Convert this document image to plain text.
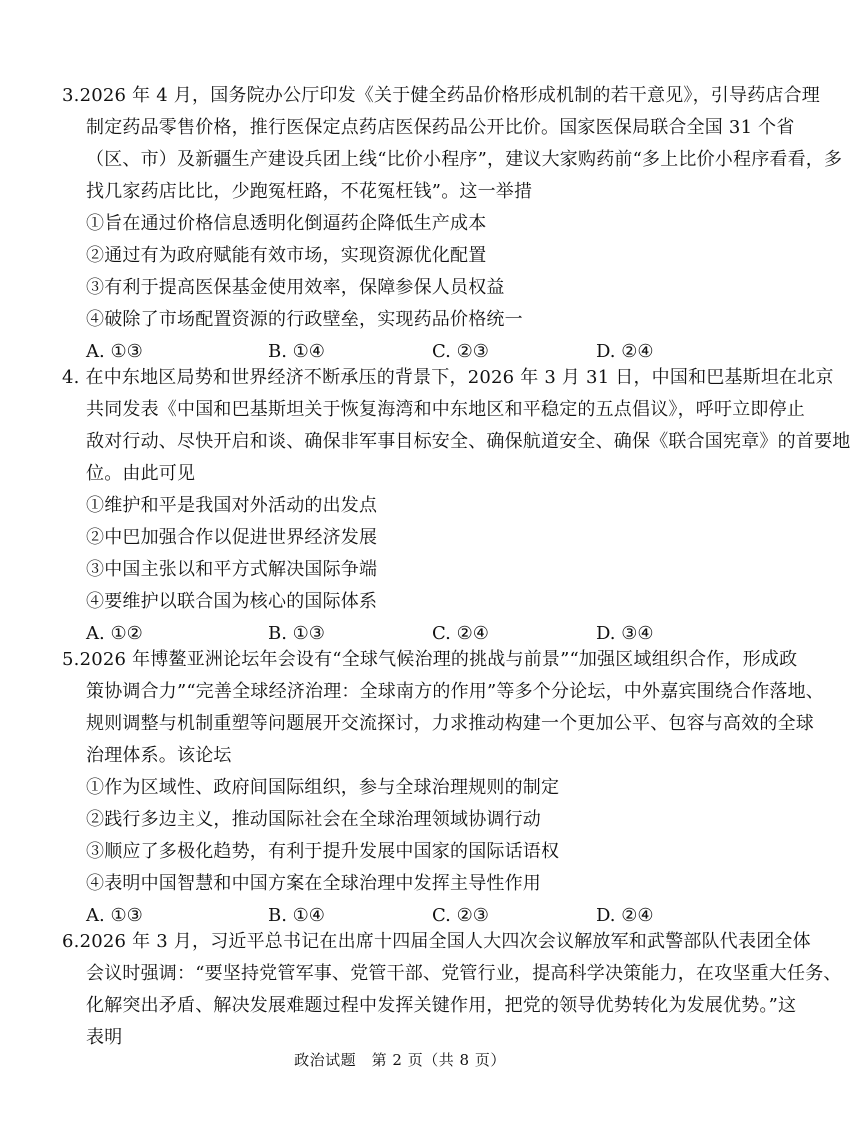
3.2026 年 4 月，国务院办公厅印发《关于健全药品价格形成机制的若干意见》，引导药店合理
制定药品零售价格，推行医保定点药店医保药品公开比价。国家医保局联合全国 31 个省
（区、市）及新疆生产建设兵团上线“比价小程序”，建议大家购药前“多上比价小程序看看，多
找几家药店比比，少跑冤枉路，不花冤枉钱”。这一举措
①旨在通过价格信息透明化倒逼药企降低生产成本
②通过有为政府赋能有效市场，实现资源优化配置
③有利于提高医保基金使用效率，保障参保人员权益
④破除了市场配置资源的行政壁垒，实现药品价格统一
A. ①③	B. ①④	C. ②③	D. ②④
4. 在中东地区局势和世界经济不断承压的背景下，2026 年 3 月 31 日，中国和巴基斯坦在北京
共同发表《中国和巴基斯坦关于恢复海湾和中东地区和平稳定的五点倡议》，呼吁立即停止
敌对行动、尽快开启和谈、确保非军事目标安全、确保航道安全、确保《联合国宪章》的首要地
位。由此可见
①维护和平是我国对外活动的出发点
②中巴加强合作以促进世界经济发展
③中国主张以和平方式解决国际争端
④要维护以联合国为核心的国际体系
A. ①②	B. ①③	C. ②④	D. ③④
5.2026 年博鳌亚洲论坛年会设有“全球气候治理的挑战与前景”“加强区域组织合作，形成政
策协调合力”“完善全球经济治理：全球南方的作用”等多个分论坛，中外嘉宾围绕合作落地、
规则调整与机制重塑等问题展开交流探讨，力求推动构建一个更加公平、包容与高效的全球
治理体系。该论坛
①作为区域性、政府间国际组织，参与全球治理规则的制定
②践行多边主义，推动国际社会在全球治理领域协调行动
③顺应了多极化趋势，有利于提升发展中国家的国际话语权
④表明中国智慧和中国方案在全球治理中发挥主导性作用
A. ①③	B. ①④	C. ②③	D. ②④
6.2026 年 3 月，习近平总书记在出席十四届全国人大四次会议解放军和武警部队代表团全体
会议时强调：“要坚持党管军事、党管干部、党管行业，提高科学决策能力，在攻坚重大任务、
化解突出矛盾、解决发展难题过程中发挥关键作用，把党的领导优势转化为发展优势。”这
表明
政治试题　第 2 页（共 8 页）
